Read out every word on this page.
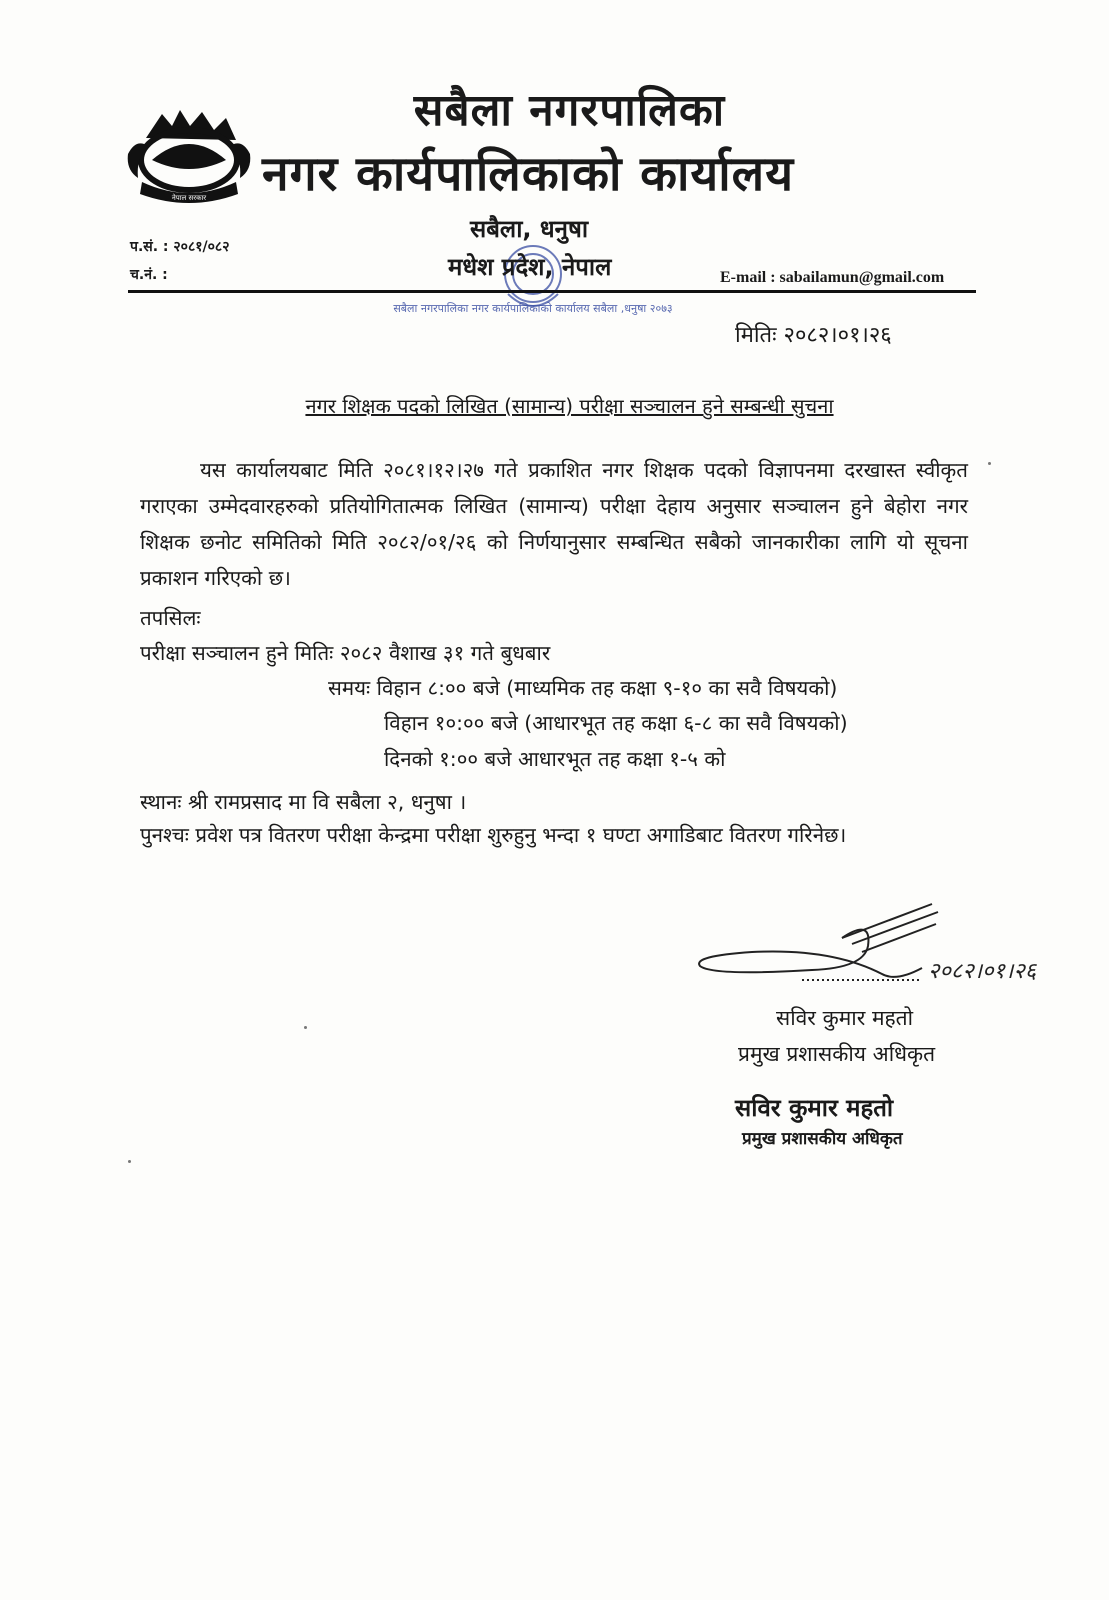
नेपाल सरकार
सबैला नगरपालिका
नगर कार्यपालिकाको कार्यालय
सबैला नगरपालिका नगर कार्यपालिकाको कार्यालय सबैला ,धनुषा २०७३
सबैला, धनुषा
मधेश प्रदेश, नेपाल
प.सं. : २०८१/०८२
च.नं. :	E-mail : sabailamun@gmail.com
मितिः २०८२।०१।२६
नगर शिक्षक पदको लिखित (सामान्य) परीक्षा सञ्चालन हुने सम्बन्धी सुचना
यस कार्यालयबाट मिति २०८१।१२।२७ गते प्रकाशित नगर शिक्षक पदको विज्ञापनमा दरखास्त स्वीकृत गराएका उम्मेदवारहरुको प्रतियोगितात्मक लिखित (सामान्य) परीक्षा देहाय अनुसार सञ्चालन हुने बेहोरा नगर शिक्षक छनोट समितिको मिति २०८२/०१/२६ को निर्णयानुसार सम्बन्धित सबैको जानकारीका लागि यो सूचना प्रकाशन गरिएको छ।
तपसिलः
परीक्षा सञ्चालन हुने मितिः २०८२ वैशाख ३१ गते बुधबार
समयः विहान ८:०० बजे (माध्यमिक तह कक्षा ९-१० का सवै विषयको)
विहान १०:०० बजे (आधारभूत तह कक्षा ६-८ का सवै विषयको)
दिनको १:०० बजे आधारभूत तह कक्षा १-५ को
स्थानः श्री रामप्रसाद मा वि सबैला २, धनुषा ।
पुनश्चः प्रवेश पत्र वितरण परीक्षा केन्द्रमा परीक्षा शुरुहुनु भन्दा १ घण्टा अगाडिबाट वितरण गरिनेछ।
२०८२।०१।२६
सविर कुमार महतो
प्रमुख प्रशासकीय अधिकृत
सविर कुमार महतो
प्रमुख प्रशासकीय अधिकृत
